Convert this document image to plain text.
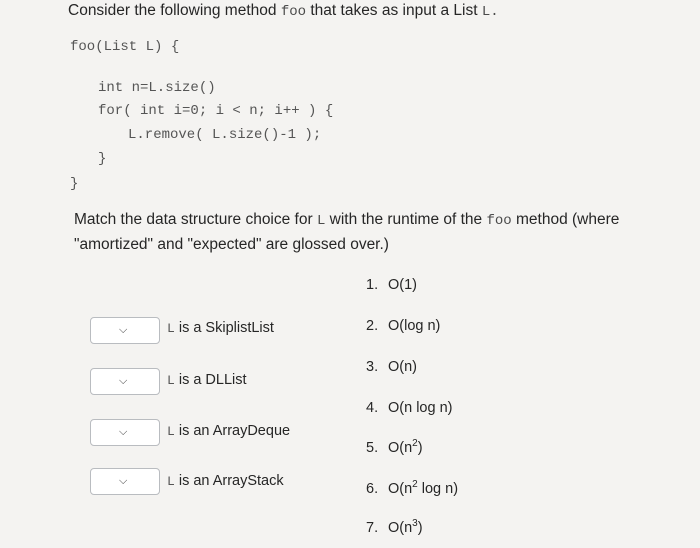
Consider the following method foo that takes as input a List L.
foo(List L) {
int n=L.size()
for( int i=0; i < n; i++ ) {
L.remove( L.size()-1 );
}
}
Match the data structure choice for L with the runtime of the foo method (where "amortized" and "expected" are glossed over.)
⌵	L is a SkiplistList
⌵	L is a DLList
⌵	L is an ArrayDeque
⌵	L is an ArrayStack
1. O(1)
2. O(log n)
3. O(n)
4. O(n log n)
5. $O(n^2)$
6. $O(n^2$ log n)
7. $O(n^3)$
